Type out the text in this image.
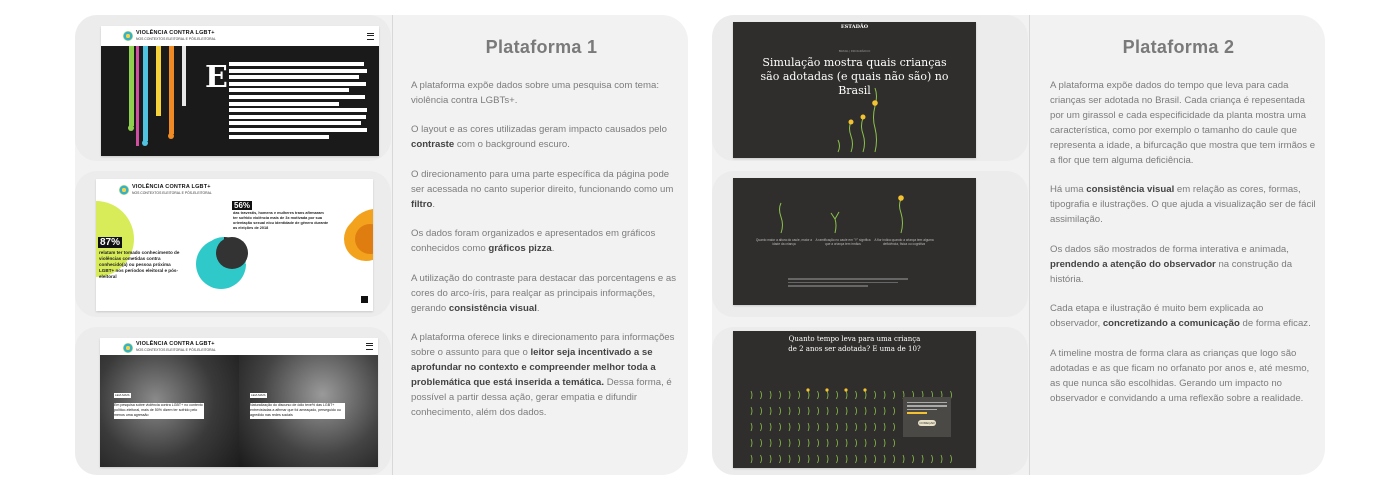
VIOLÊNCIA CONTRA LGBT+
NOS CONTEXTOS ELEITORAL E PÓS-ELEITORAL
E
VIOLÊNCIA CONTRA LGBT+
NOS CONTEXTOS ELEITORAL E PÓS-ELEITORAL
87%
relatam ter tomado conhecimento de violências cometidas contra conhecido(a) ou pessoa próxima LGBT+ nos períodos eleitoral e pós-eleitoral
56%
das travestis, homens e mulheres trans afirmaram ter sofrido violência mais de 3x motivada por sua orientação sexual e/ou identidade de gênero durante as eleições de 2018
VIOLÊNCIA CONTRA LGBT+
NOS CONTEXTOS ELEITORAL E PÓS-ELEITORAL
LEIA MAIS
Em pesquisa sobre violência contra LGBT+ no contexto político-eleitoral, mais de 50% dizem ter sofrido pelo menos uma agressão
LEIA MAIS
Naturalização do discurso de ódio teve% das LGBT+ entrevistadas a afirmar que foi ameaçado, perseguido ou agredido nas redes sociais
Plataforma 1

A plataforma expõe dados sobre uma pesquisa com tema: violência contra LGBTs+.

O layout e as cores utilizadas geram impacto causados pelo contraste com o background escuro.

O direcionamento para uma parte específica da página pode ser acessada no canto superior direito, funcionando como um filtro.

Os dados foram organizados e apresentados em gráficos conhecidos como gráficos pizza.

A utilização do contraste para destacar das porcentagens e as cores do arco-íris, para realçar as principais informações, gerando consistência visual.

A plataforma oferece links e direcionamento para informações sobre o assunto para que o leitor seja incentivado a se aprofundar no contexto e compreender melhor toda a problemática que está inserida a temática. Dessa forma, é possível a partir dessa ação, gerar empatia e difundir conhecimento, além dos dados.

ESTADÃO
BRASIL | INFOGRÁFICO
Simulação mostra quais crianças são adotadas (e quais não são) no Brasil
Quanto maior a altura do caule, maior a idade da criança
A ramificação no caule em "Y" significa que a criança tem irmãos
A flor indica quando a criança tem alguma deficiência, física ou cognitiva
Quanto tempo leva para uma criança de 2 anos ser adotada? E uma de 10?
COMEÇAR
Plataforma 2

A plataforma expõe dados do tempo que leva para cada crianças ser adotada no Brasil. Cada criança é repesentada por um girassol e cada especificidade da planta mostra uma característica, como por exemplo o tamanho do caule que representa a idade, a bifurcação que mostra que tem irmãos e a flor que tem alguma deficiência.

Há uma consistência visual em relação as cores, formas, tipografia e ilustrações. O que ajuda a visualização ser de fácil assimilação.

Os dados são mostrados de forma interativa e animada, prendendo a atenção do observador na construção da história.

Cada etapa e ilustração é muito bem explicada ao observador, concretizando a comunicação de forma eficaz.

A timeline mostra de forma clara as crianças que logo são adotadas e as que ficam no orfanato por anos e, até mesmo, as que nunca são escolhidas. Gerando um impacto no observador e convidando a uma reflexão sobre a realidade.
